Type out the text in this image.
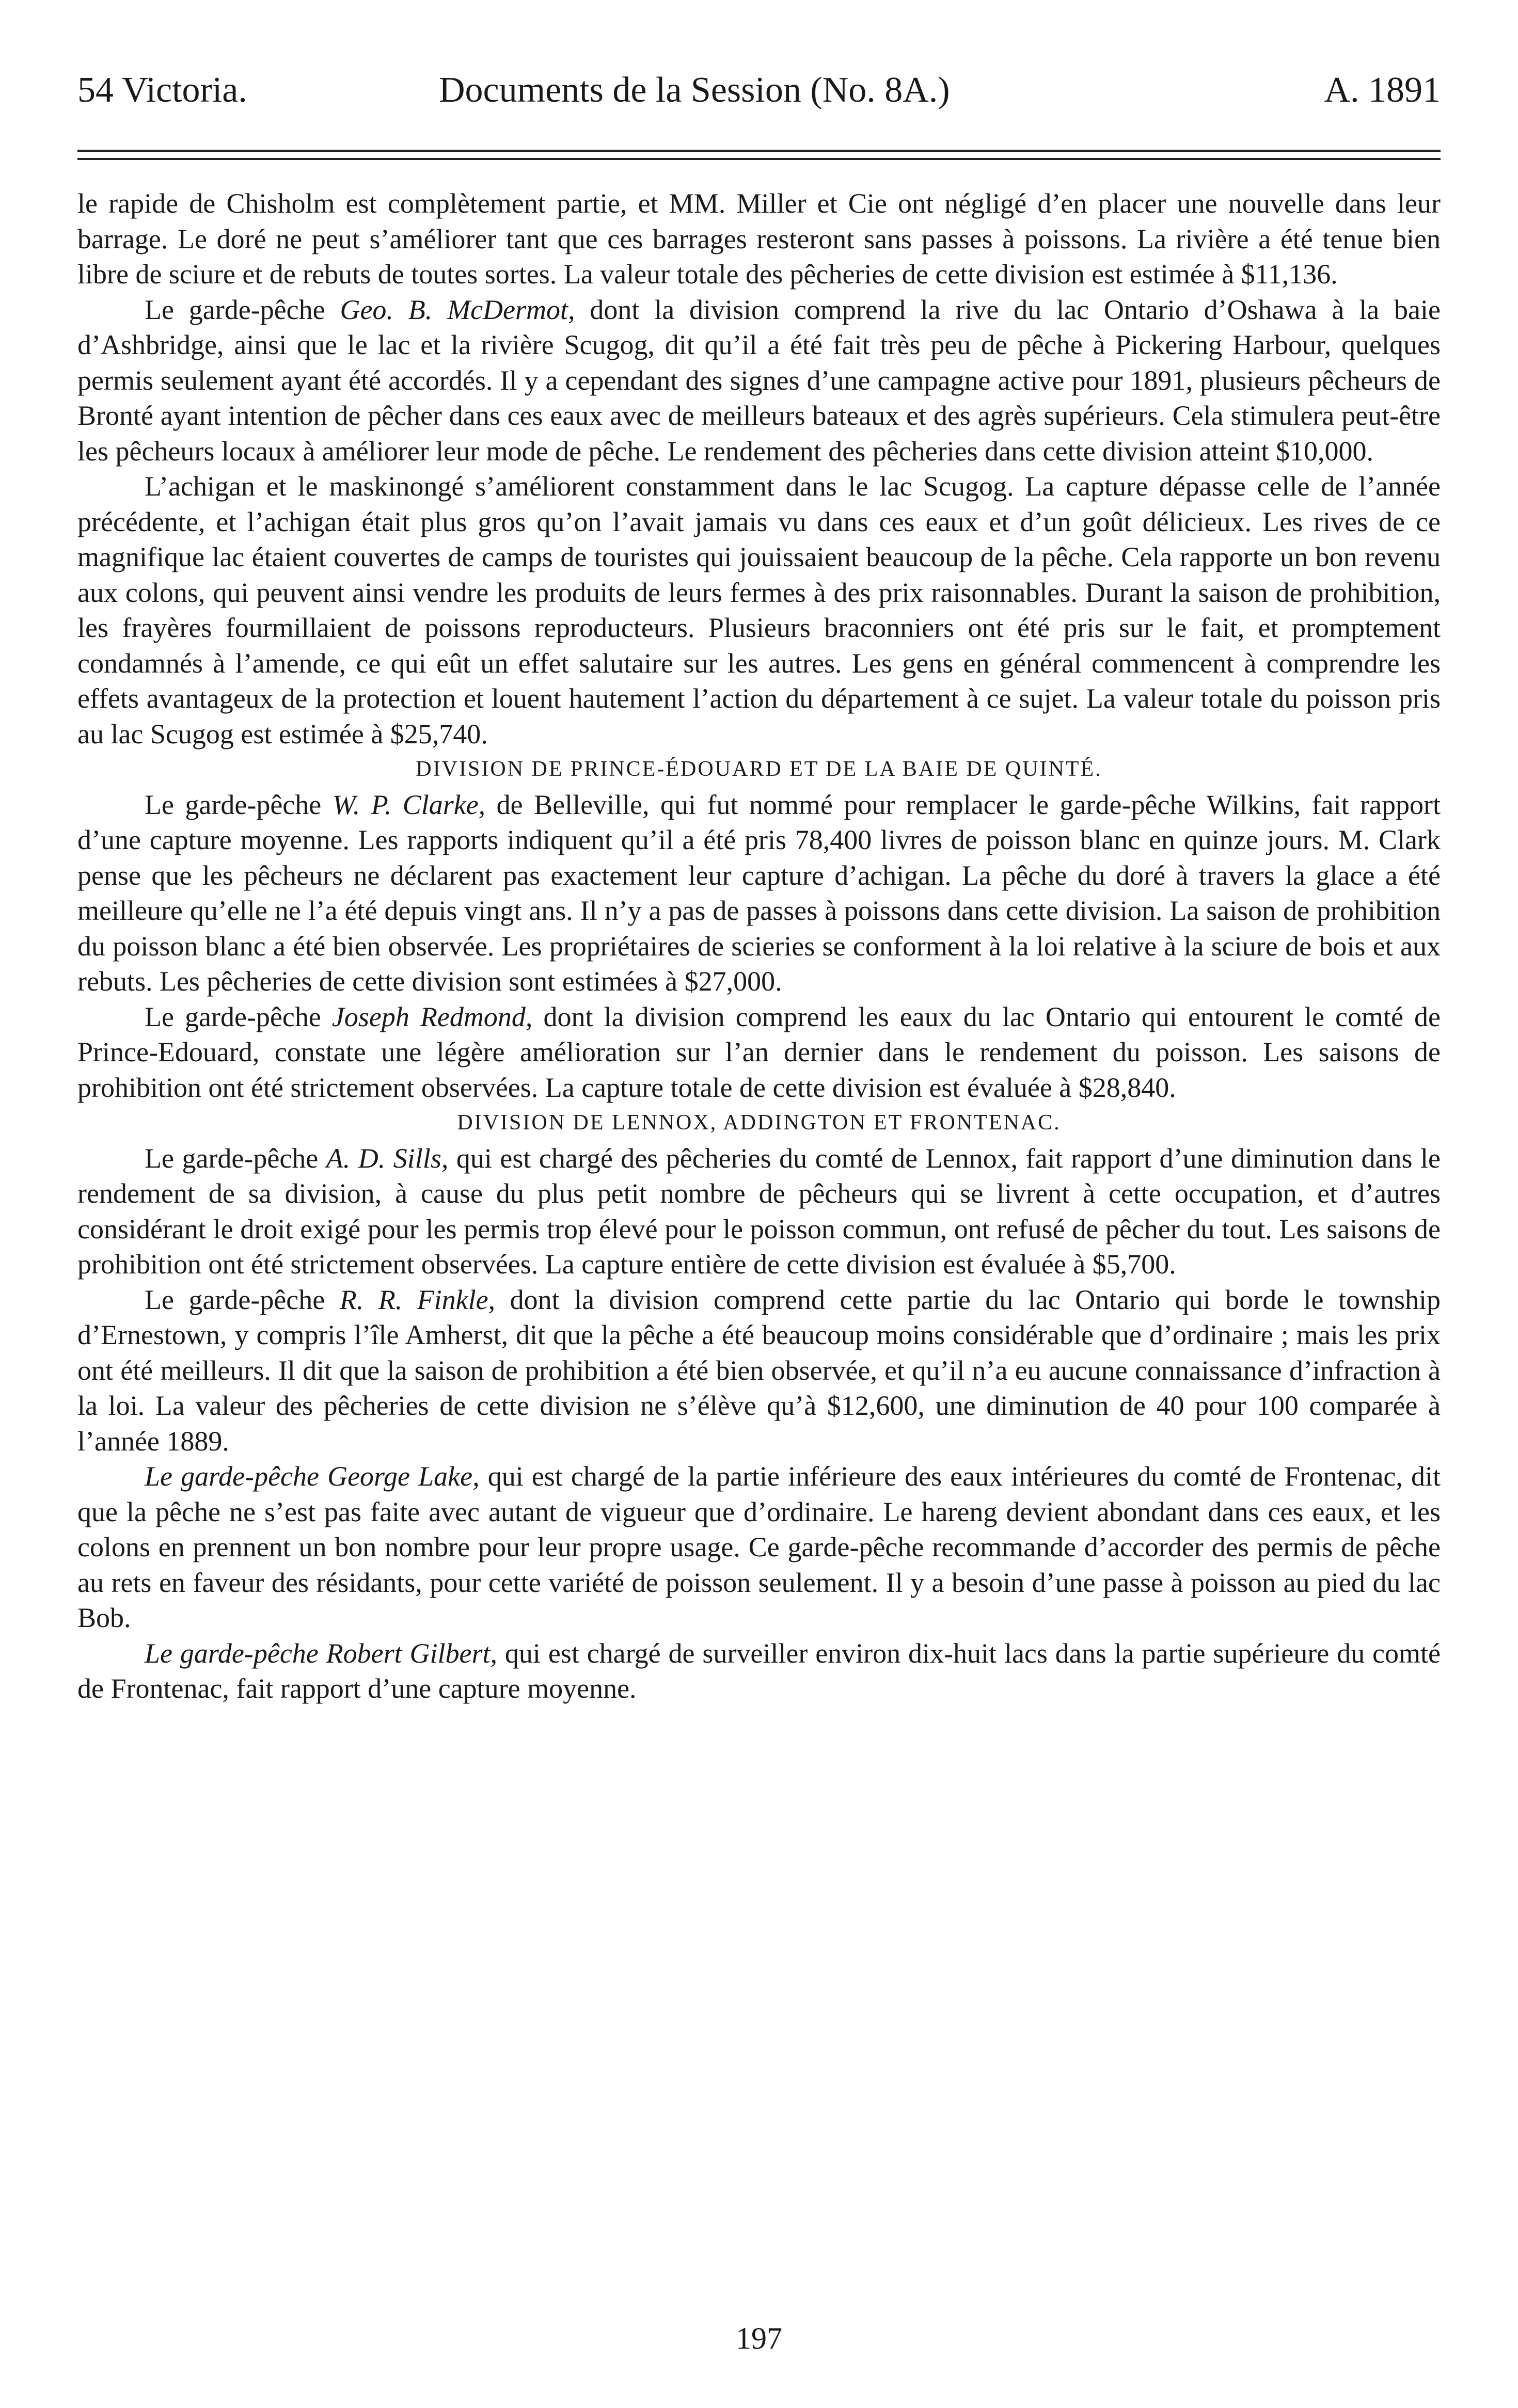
54 Victoria.	Documents de la Session (No. 8A.)	A. 1891

le rapide de Chisholm est complètement partie, et MM. Miller et Cie ont négligé d’en placer une nouvelle dans leur barrage. Le doré ne peut s’améliorer tant que ces barrages resteront sans passes à poissons. La rivière a été tenue bien libre de sciure et de rebuts de toutes sortes. La valeur totale des pêcheries de cette division est estimée à $11,136.

Le garde-pêche Geo. B. McDermot, dont la division comprend la rive du lac Ontario d’Oshawa à la baie d’Ashbridge, ainsi que le lac et la rivière Scugog, dit qu’il a été fait très peu de pêche à Pickering Harbour, quelques permis seulement ayant été accordés. Il y a cependant des signes d’une campagne active pour 1891, plusieurs pêcheurs de Bronté ayant intention de pêcher dans ces eaux avec de meilleurs bateaux et des agrès supérieurs. Cela stimulera peut-être les pêcheurs locaux à améliorer leur mode de pêche. Le rendement des pêcheries dans cette division atteint $10,000.

L’achigan et le maskinongé s’améliorent constamment dans le lac Scugog. La capture dépasse celle de l’année précédente, et l’achigan était plus gros qu’on l’avait jamais vu dans ces eaux et d’un goût délicieux. Les rives de ce magnifique lac étaient couvertes de camps de touristes qui jouissaient beaucoup de la pêche. Cela rapporte un bon revenu aux colons, qui peuvent ainsi vendre les produits de leurs fermes à des prix raisonnables. Durant la saison de prohibition, les frayères fourmillaient de poissons reproducteurs. Plusieurs braconniers ont été pris sur le fait, et promptement condamnés à l’amende, ce qui eût un effet salutaire sur les autres. Les gens en général commencent à comprendre les effets avantageux de la protection et louent hautement l’action du département à ce sujet. La valeur totale du poisson pris au lac Scugog est estimée à $25,740.

DIVISION DE PRINCE-ÉDOUARD ET DE LA BAIE DE QUINTÉ.

Le garde-pêche W. P. Clarke, de Belleville, qui fut nommé pour remplacer le garde-pêche Wilkins, fait rapport d’une capture moyenne. Les rapports indiquent qu’il a été pris 78,400 livres de poisson blanc en quinze jours. M. Clark pense que les pêcheurs ne déclarent pas exactement leur capture d’achigan. La pêche du doré à travers la glace a été meilleure qu’elle ne l’a été depuis vingt ans. Il n’y a pas de passes à poissons dans cette division. La saison de prohibition du poisson blanc a été bien observée. Les propriétaires de scieries se conforment à la loi relative à la sciure de bois et aux rebuts. Les pêcheries de cette division sont estimées à $27,000.

Le garde-pêche Joseph Redmond, dont la division comprend les eaux du lac Ontario qui entourent le comté de Prince-Edouard, constate une légère amélioration sur l’an dernier dans le rendement du poisson. Les saisons de prohibition ont été strictement observées. La capture totale de cette division est évaluée à $28,840.

DIVISION DE LENNOX, ADDINGTON ET FRONTENAC.

Le garde-pêche A. D. Sills, qui est chargé des pêcheries du comté de Lennox, fait rapport d’une diminution dans le rendement de sa division, à cause du plus petit nombre de pêcheurs qui se livrent à cette occupation, et d’autres considérant le droit exigé pour les permis trop élevé pour le poisson commun, ont refusé de pêcher du tout. Les saisons de prohibition ont été strictement observées. La capture entière de cette division est évaluée à $5,700.

Le garde-pêche R. R. Finkle, dont la division comprend cette partie du lac Ontario qui borde le township d’Ernestown, y compris l’île Amherst, dit que la pêche a été beaucoup moins considérable que d’ordinaire ; mais les prix ont été meilleurs. Il dit que la saison de prohibition a été bien observée, et qu’il n’a eu aucune connaissance d’infraction à la loi. La valeur des pêcheries de cette division ne s’élève qu’à $12,600, une diminution de 40 pour 100 comparée à l’année 1889.

Le garde-pêche George Lake, qui est chargé de la partie inférieure des eaux intérieures du comté de Frontenac, dit que la pêche ne s’est pas faite avec autant de vigueur que d’ordinaire. Le hareng devient abondant dans ces eaux, et les colons en prennent un bon nombre pour leur propre usage. Ce garde-pêche recommande d’accorder des permis de pêche au rets en faveur des résidants, pour cette variété de poisson seulement. Il y a besoin d’une passe à poisson au pied du lac Bob.

Le garde-pêche Robert Gilbert, qui est chargé de surveiller environ dix-huit lacs dans la partie supérieure du comté de Frontenac, fait rapport d’une capture moyenne.

197
